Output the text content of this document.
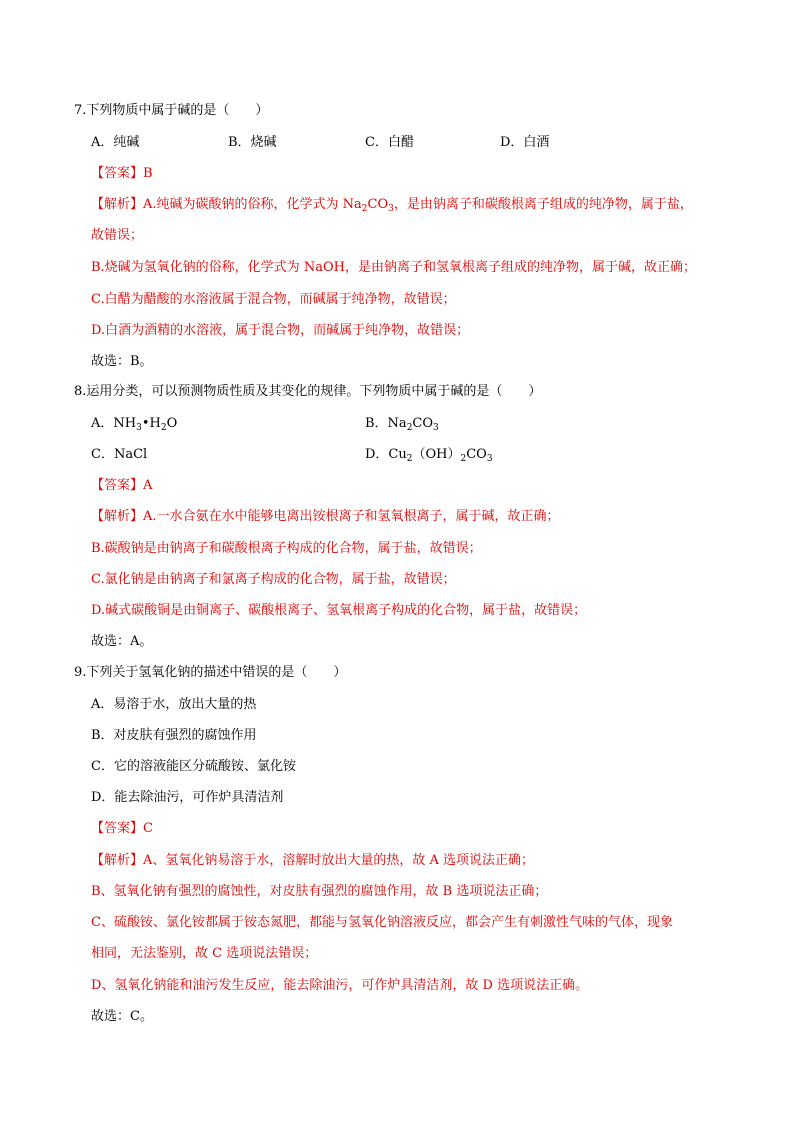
7.下列物质中属于碱的是（　　）
A．纯碱	B．烧碱	C．白醋	D．白酒
【答案】B
【解析】A.纯碱为碳酸钠的俗称，化学式为 $Na_2CO_3$，是由钠离子和碳酸根离子组成的纯净物，属于盐，
故错误；
B.烧碱为氢氧化钠的俗称，化学式为 NaOH，是由钠离子和氢氧根离子组成的纯净物，属于碱，故正确；
C.白醋为醋酸的水溶液属于混合物，而碱属于纯净物，故错误；
D.白酒为酒精的水溶液，属于混合物，而碱属于纯净物，故错误；
故选：B。
8.运用分类，可以预测物质性质及其变化的规律。下列物质中属于碱的是（　　）
A．$NH_3•H_2O$	B．$Na_2CO_3$
C．NaCl	D．$Cu_2(OH)_2CO_3$
【答案】A
【解析】A.一水合氨在水中能够电离出铵根离子和氢氧根离子，属于碱，故正确；
B.碳酸钠是由钠离子和碳酸根离子构成的化合物，属于盐，故错误；
C.氯化钠是由钠离子和氯离子构成的化合物，属于盐，故错误；
D.碱式碳酸铜是由铜离子、碳酸根离子、氢氧根离子构成的化合物，属于盐，故错误；
故选：A。
9.下列关于氢氧化钠的描述中错误的是（　　）
A．易溶于水，放出大量的热
B．对皮肤有强烈的腐蚀作用
C．它的溶液能区分硫酸铵、氯化铵
D．能去除油污，可作炉具清洁剂
【答案】C
【解析】A、氢氧化钠易溶于水，溶解时放出大量的热，故 A 选项说法正确；
B、氢氧化钠有强烈的腐蚀性，对皮肤有强烈的腐蚀作用，故 B 选项说法正确；
C、硫酸铵、氯化铵都属于铵态氮肥，都能与氢氧化钠溶液反应，都会产生有刺激性气味的气体，现象
相同，无法鉴别，故 C 选项说法错误；
D、氢氧化钠能和油污发生反应，能去除油污，可作炉具清洁剂，故 D 选项说法正确。
故选：C。
